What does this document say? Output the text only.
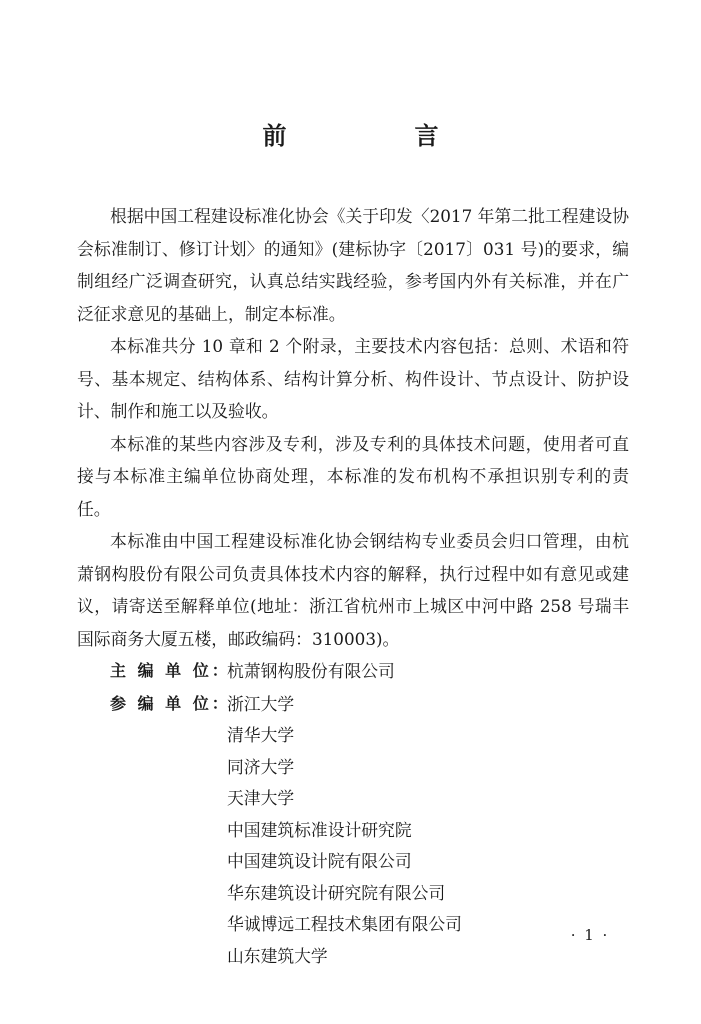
前　言

根据中国工程建设标准化协会《关于印发〈2017 年第二批工程建设协会标准制订、修订计划〉的通知》(建标协字〔2017〕031 号)的要求，编制组经广泛调查研究，认真总结实践经验，参考国内外有关标准，并在广泛征求意见的基础上，制定本标准。

本标准共分 10 章和 2 个附录，主要技术内容包括：总则、术语和符号、基本规定、结构体系、结构计算分析、构件设计、节点设计、防护设计、制作和施工以及验收。

本标准的某些内容涉及专利，涉及专利的具体技术问题，使用者可直接与本标准主编单位协商处理，本标准的发布机构不承担识别专利的责任。

本标准由中国工程建设标准化协会钢结构专业委员会归口管理，由杭萧钢构股份有限公司负责具体技术内容的解释，执行过程中如有意见或建议，请寄送至解释单位(地址：浙江省杭州市上城区中河中路 258 号瑞丰国际商务大厦五楼，邮政编码：310003)。

主 编 单 位：
杭萧钢构股份有限公司
参 编 单 位：
浙江大学
清华大学
同济大学
天津大学
中国建筑标准设计研究院
中国建筑设计院有限公司
华东建筑设计研究院有限公司
华诚博远工程技术集团有限公司
山东建筑大学
· 1 ·
